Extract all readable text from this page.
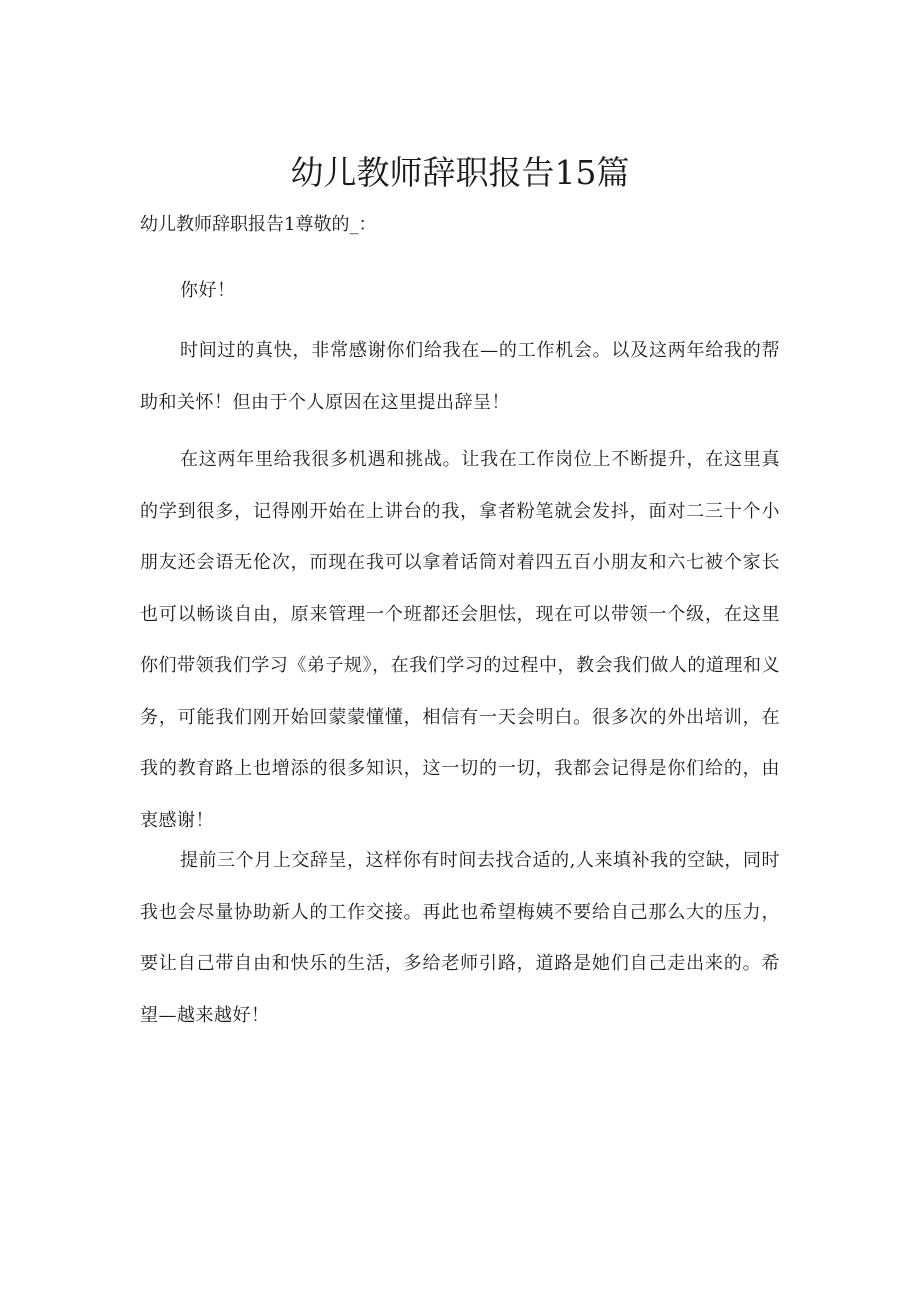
幼儿教师辞职报告15篇

幼儿教师辞职报告1尊敬的_：

你好！

时间过的真快，非常感谢你们给我在—的工作机会。以及这两年给我的帮助和关怀！但由于个人原因在这里提出辞呈！

在这两年里给我很多机遇和挑战。让我在工作岗位上不断提升，在这里真的学到很多，记得刚开始在上讲台的我，拿者粉笔就会发抖，面对二三十个小朋友还会语无伦次，而现在我可以拿着话筒对着四五百小朋友和六七被个家长也可以畅谈自由，原来管理一个班都还会胆怯，现在可以带领一个级，在这里你们带领我们学习《弟子规》，在我们学习的过程中，教会我们做人的道理和义务，可能我们刚开始回蒙蒙懂懂，相信有一天会明白。很多次的外出培训，在我的教育路上也增添的很多知识，这一切的一切，我都会记得是你们给的，由衷感谢！

提前三个月上交辞呈，这样你有时间去找合适的,人来填补我的空缺，同时我也会尽量协助新人的工作交接。再此也希望梅姨不要给自己那么大的压力，要让自己带自由和快乐的生活，多给老师引路，道路是她们自己走出来的。希望—越来越好！
